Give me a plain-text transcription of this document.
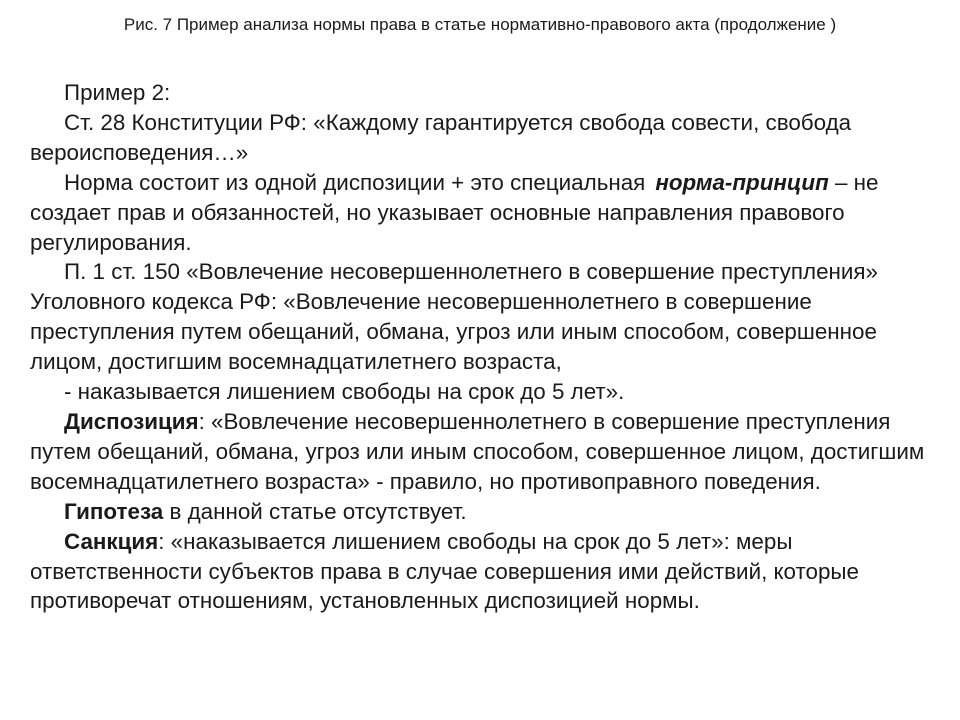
Рис. 7 Пример анализа нормы права в статье нормативно-правового акта (продолжение )

Пример 2:

Ст. 28 Конституции РФ: «Каждому гарантируется свобода совести, свобода вероисповедения…»

Норма состоит из одной диспозиции + это специальная норма-принцип – не создает прав и обязанностей, но указывает основные направления правового регулирования.

П. 1 ст. 150 «Вовлечение несовершеннолетнего в совершение преступления» Уголовного кодекса РФ: «Вовлечение несовершеннолетнего в совершение преступления путем обещаний, обмана, угроз или иным способом, совершенное лицом, достигшим восемнадцатилетнего возраста,

- наказывается лишением свободы на срок до 5 лет».

Диспозиция: «Вовлечение несовершеннолетнего в совершение преступления путем обещаний, обмана, угроз или иным способом, совершенное лицом, достигшим восемнадцатилетнего возраста» - правило, но противоправного поведения.

Гипотеза в данной статье отсутствует.

Санкция: «наказывается лишением свободы на срок до 5 лет»: меры ответственности субъектов права в случае совершения ими действий, которые противоречат отношениям, установленных диспозицией нормы.
